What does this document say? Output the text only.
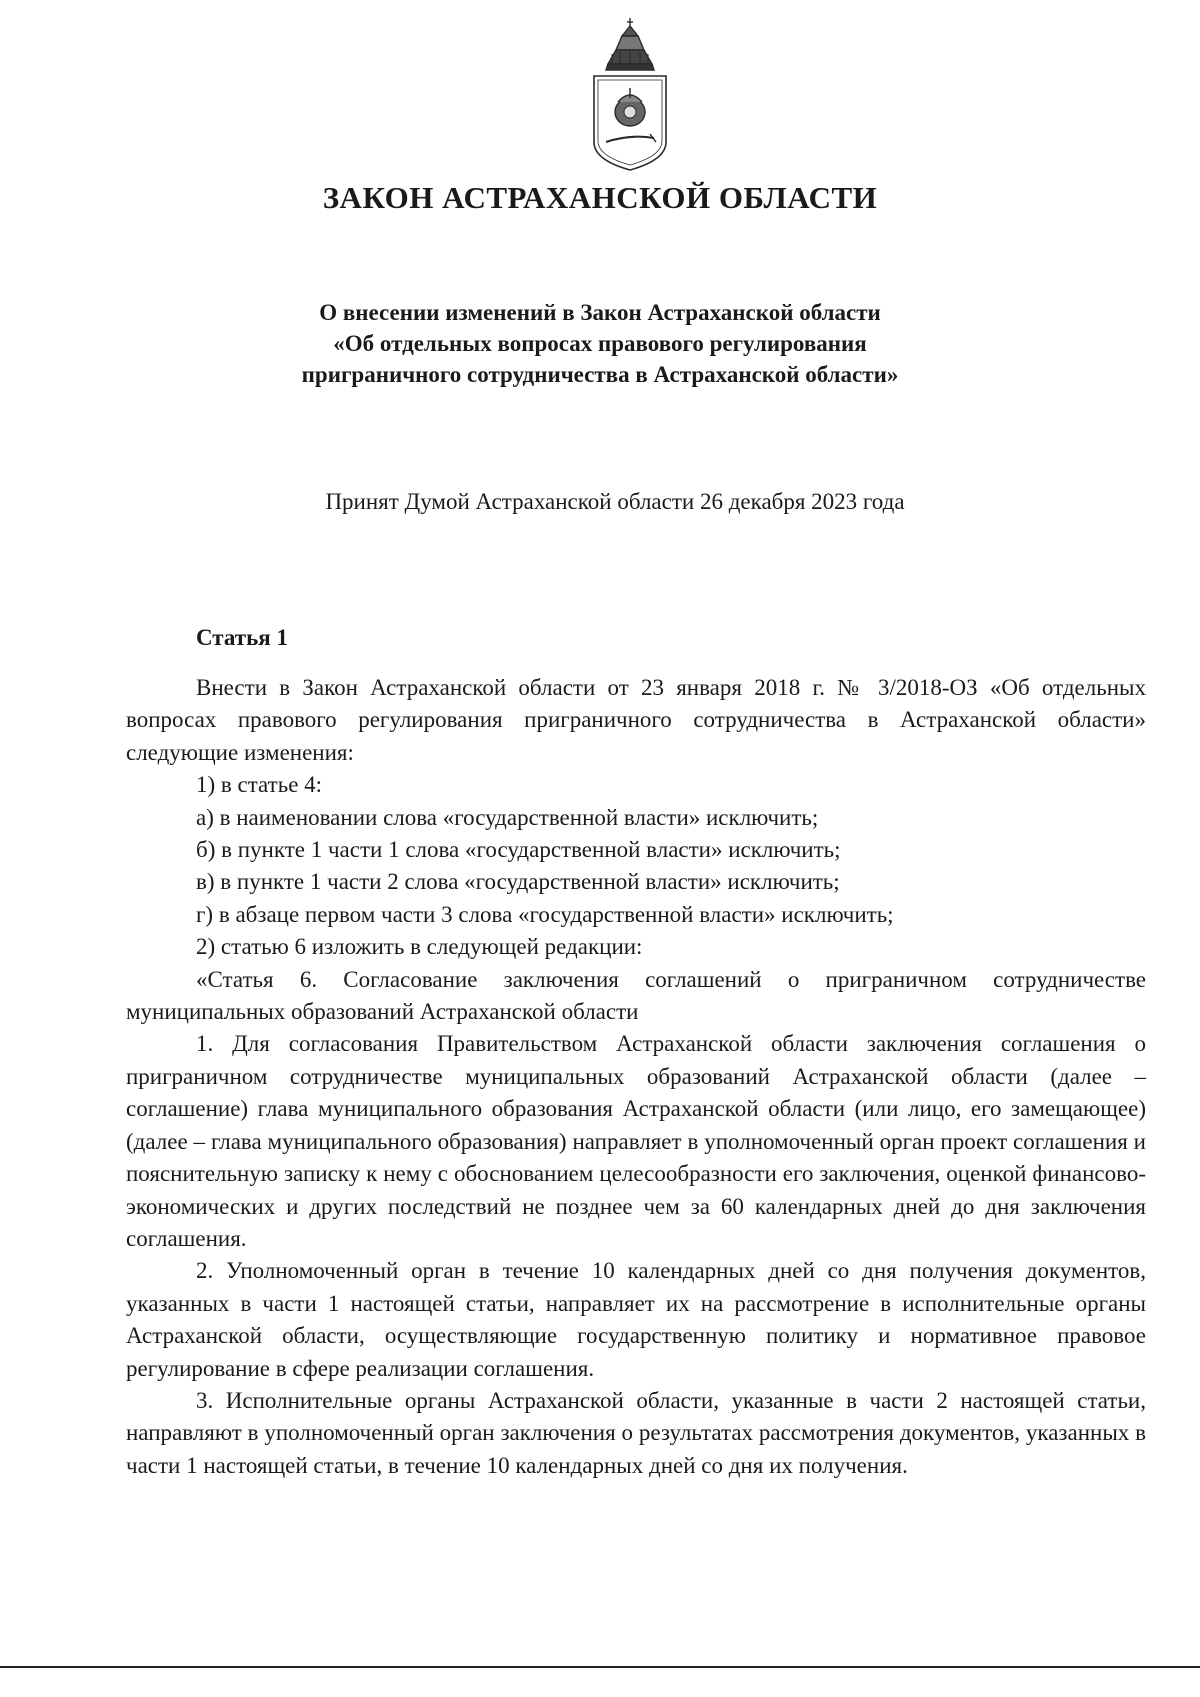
ЗАКОН АСТРАХАНСКОЙ ОБЛАСТИ
О внесении изменений в Закон Астраханской области
«Об отдельных вопросах правового регулирования
приграничного сотрудничества в Астраханской области»

Принят Думой Астраханской области 26 декабря 2023 года

Статья 1

Внести в Закон Астраханской области от 23 января 2018 г. № 3/2018-ОЗ «Об отдельных вопросах правового регулирования приграничного сотрудничества в Астраханской области» следующие изменения:

1) в статье 4:

а) в наименовании слова «государственной власти» исключить;

б) в пункте 1 части 1 слова «государственной власти» исключить;

в) в пункте 1 части 2 слова «государственной власти» исключить;

г) в абзаце первом части 3 слова «государственной власти» исключить;

2) статью 6 изложить в следующей редакции:

«Статья 6. Согласование заключения соглашений о приграничном сотрудничестве муниципальных образований Астраханской области

1. Для согласования Правительством Астраханской области заключения соглашения о приграничном сотрудничестве муниципальных образований Астраханской области (далее – соглашение) глава муниципального образования Астраханской области (или лицо, его замещающее) (далее – глава муниципального образования) направляет в уполномоченный орган проект соглашения и пояснительную записку к нему с обоснованием целесообразности его заключения, оценкой финансово-экономических и других последствий не позднее чем за 60 календарных дней до дня заключения соглашения.

2. Уполномоченный орган в течение 10 календарных дней со дня получения документов, указанных в части 1 настоящей статьи, направляет их на рассмотрение в исполнительные органы Астраханской области, осуществляющие государственную политику и нормативное правовое регулирование в сфере реализации соглашения.

3. Исполнительные органы Астраханской области, указанные в части 2 настоящей статьи, направляют в уполномоченный орган заключения о результатах рассмотрения документов, указанных в части 1 настоящей статьи, в течение 10 календарных дней со дня их получения.
